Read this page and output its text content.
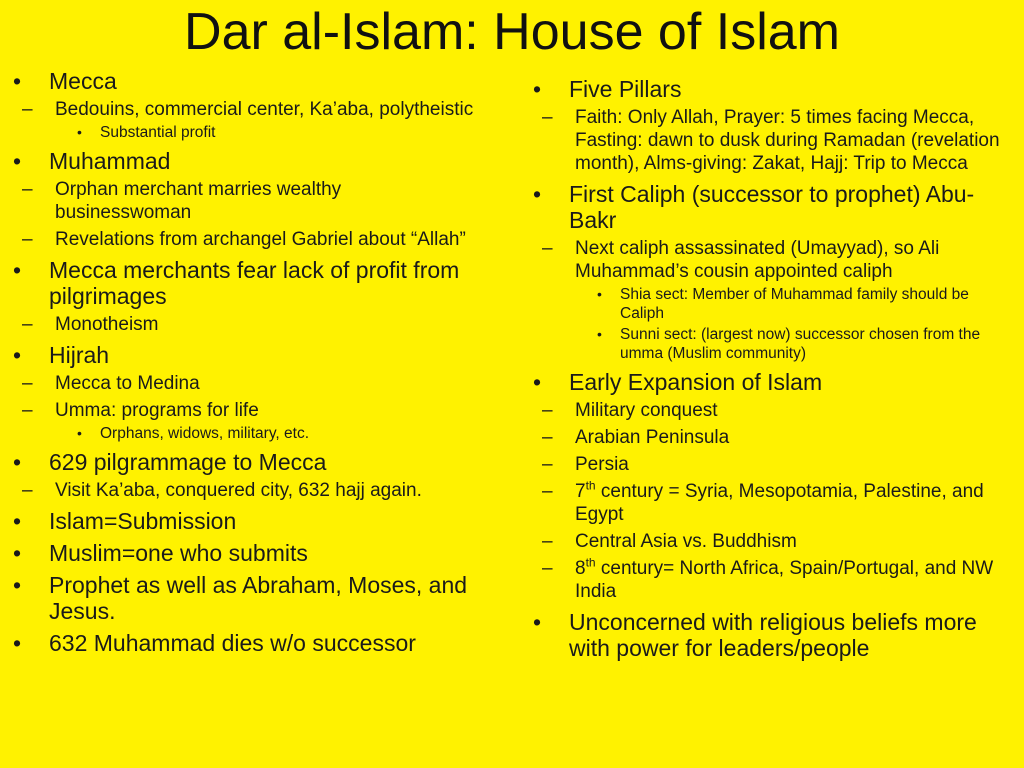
Dar al-Islam: House of Islam
• Mecca
– Bedouins, commercial center, Ka’aba, polytheistic
• Substantial profit
• Muhammad
– Orphan merchant marries wealthy businesswoman
– Revelations from archangel Gabriel about “Allah”
• Mecca merchants fear lack of profit from pilgrimages
– Monotheism
• Hijrah
– Mecca to Medina
– Umma: programs for life
• Orphans, widows, military, etc.
• 629 pilgrammage to Mecca
– Visit Ka’aba, conquered city, 632 hajj again.
• Islam=Submission
• Muslim=one who submits
• Prophet as well as Abraham, Moses, and Jesus.
• 632 Muhammad dies w/o successor
• Five Pillars
– Faith: Only Allah, Prayer: 5 times facing Mecca, Fasting: dawn to dusk during Ramadan (revelation month), Alms-giving: Zakat, Hajj: Trip to Mecca
• First Caliph (successor to prophet) Abu-Bakr
– Next caliph assassinated (Umayyad), so Ali Muhammad’s cousin appointed caliph
• Shia sect: Member of Muhammad family should be Caliph
• Sunni sect: (largest now) successor chosen from the umma (Muslim community)
• Early Expansion of Islam
– Military conquest
– Arabian Peninsula
– Persia
– 7th century = Syria, Mesopotamia, Palestine, and Egypt
– Central Asia vs. Buddhism
– 8th century= North Africa, Spain/Portugal, and NW India
• Unconcerned with religious beliefs more with power for leaders/people
